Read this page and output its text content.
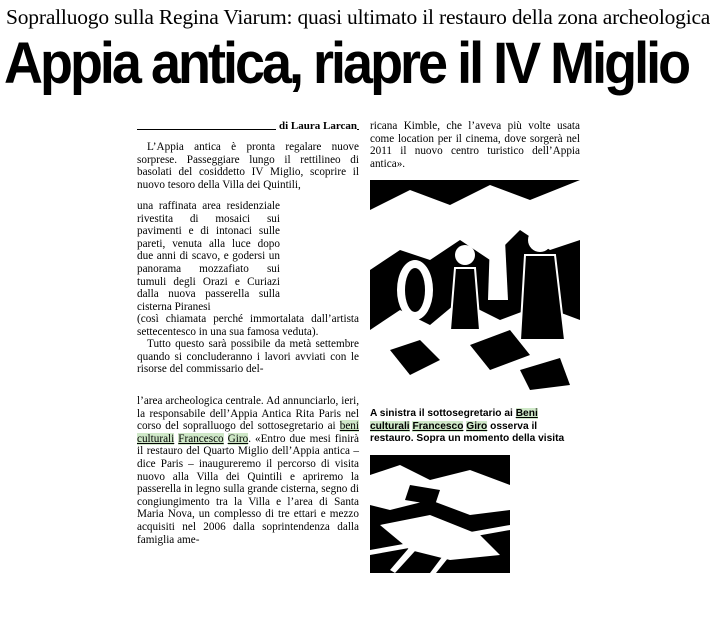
Sopralluogo sulla Regina Viarum: quasi ultimato il restauro della zona archeologica
Appia antica, riapre il IV Miglio
di Laura Larcan

L’Appia antica è pronta regalare nuove sorprese. Passeggiare lungo il rettilineo di basolati del cosiddetto IV Miglio, scoprire il nuovo tesoro della Villa dei Quintili,

una raffinata area residenziale rivestita di mosaici sui pavimenti e di intonaci sulle pareti, venuta alla luce dopo due anni di scavo, e godersi un panorama mozzafiato sui tumuli degli Orazi e Curiazi dalla nuova passerella sulla cisterna Piranesi

(così chiamata perché immortalata dall’artista settecentesco in una sua famosa veduta).

Tutto questo sarà possibile da metà settembre quando si concluderanno i lavori avviati con le risorse del commissario del-

l’area archeologica centrale. Ad annunciarlo, ieri, la responsabile dell’Appia Antica Rita Paris nel corso del sopralluogo del sottosegretario ai beni culturali Francesco Giro. «Entro due mesi finirà il restauro del Quarto Miglio dell’Appia antica – dice Paris – inaugureremo il percorso di visita nuovo alla Villa dei Quintili e apriremo la passerella in legno sulla grande cisterna, segno di congiungimento tra la Villa e l’area di Santa Maria Nova, un complesso di tre ettari e mezzo acquisiti nel 2006 dalla soprintendenza dalla famiglia ame-

ricana Kimble, che l’aveva più volte usata come location per il cinema, dove sorgerà nel 2011 il nuovo centro turistico dell’Appia antica».

A sinistra il sottosegretario ai Beni culturali Francesco Giro osserva il restauro. Sopra un momento della visita
